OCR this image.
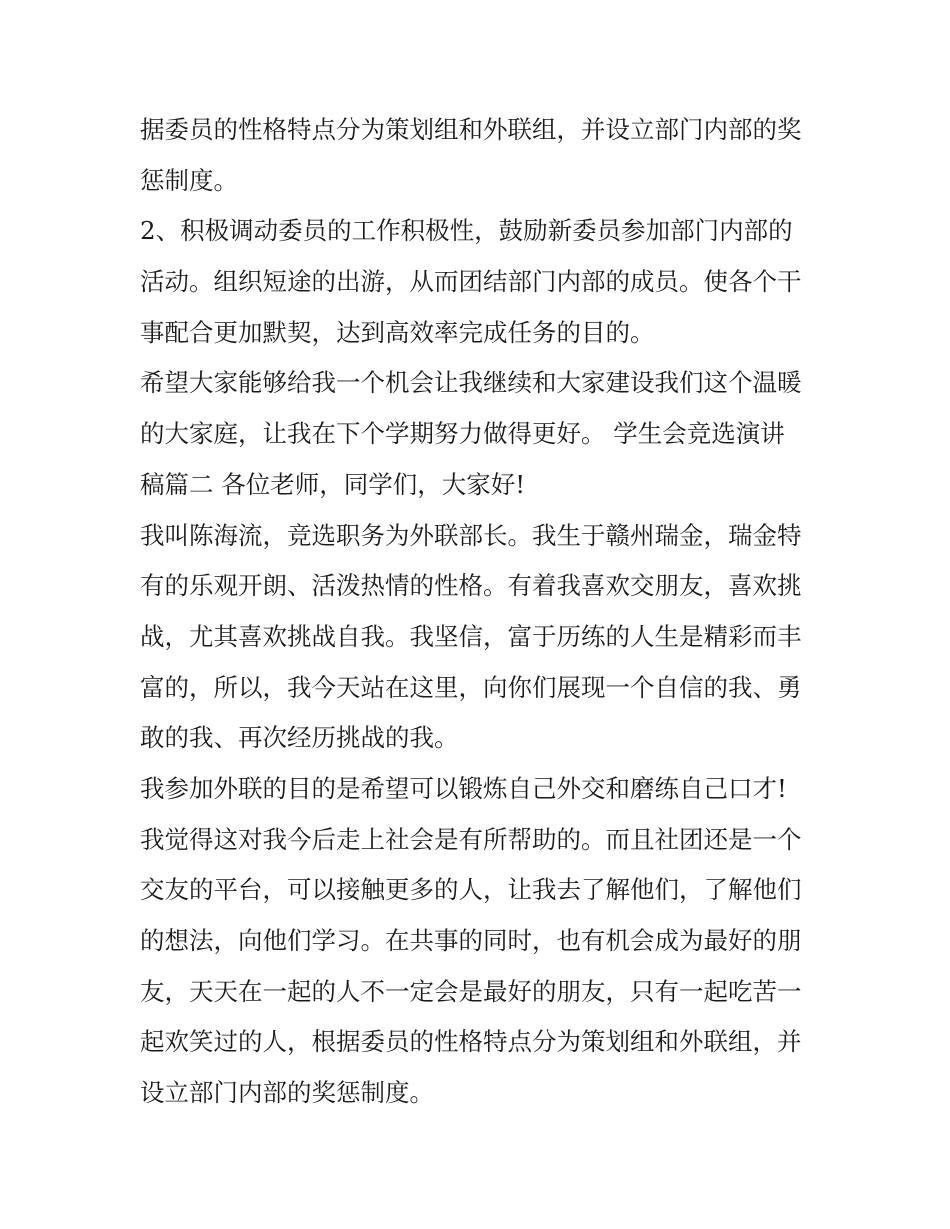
据委员的性格特点分为策划组和外联组，并设立部门内部的奖
惩制度。
2、积极调动委员的工作积极性，鼓励新委员参加部门内部的
活动。组织短途的出游，从而团结部门内部的成员。使各个干
事配合更加默契，达到高效率完成任务的目的。
希望大家能够给我一个机会让我继续和大家建设我们这个温暖
的大家庭，让我在下个学期努力做得更好。 学生会竞选演讲
稿篇二 各位老师，同学们，大家好!
我叫陈海流，竞选职务为外联部长。我生于赣州瑞金，瑞金特
有的乐观开朗、活泼热情的性格。有着我喜欢交朋友，喜欢挑
战，尤其喜欢挑战自我。我坚信，富于历练的人生是精彩而丰
富的，所以，我今天站在这里，向你们展现一个自信的我、勇
敢的我、再次经历挑战的我。
我参加外联的目的是希望可以锻炼自己外交和磨练自己口才!
我觉得这对我今后走上社会是有所帮助的。而且社团还是一个
交友的平台，可以接触更多的人，让我去了解他们，了解他们
的想法，向他们学习。在共事的同时，也有机会成为最好的朋
友，天天在一起的人不一定会是最好的朋友，只有一起吃苦一
起欢笑过的人，根据委员的性格特点分为策划组和外联组，并
设立部门内部的奖惩制度。
